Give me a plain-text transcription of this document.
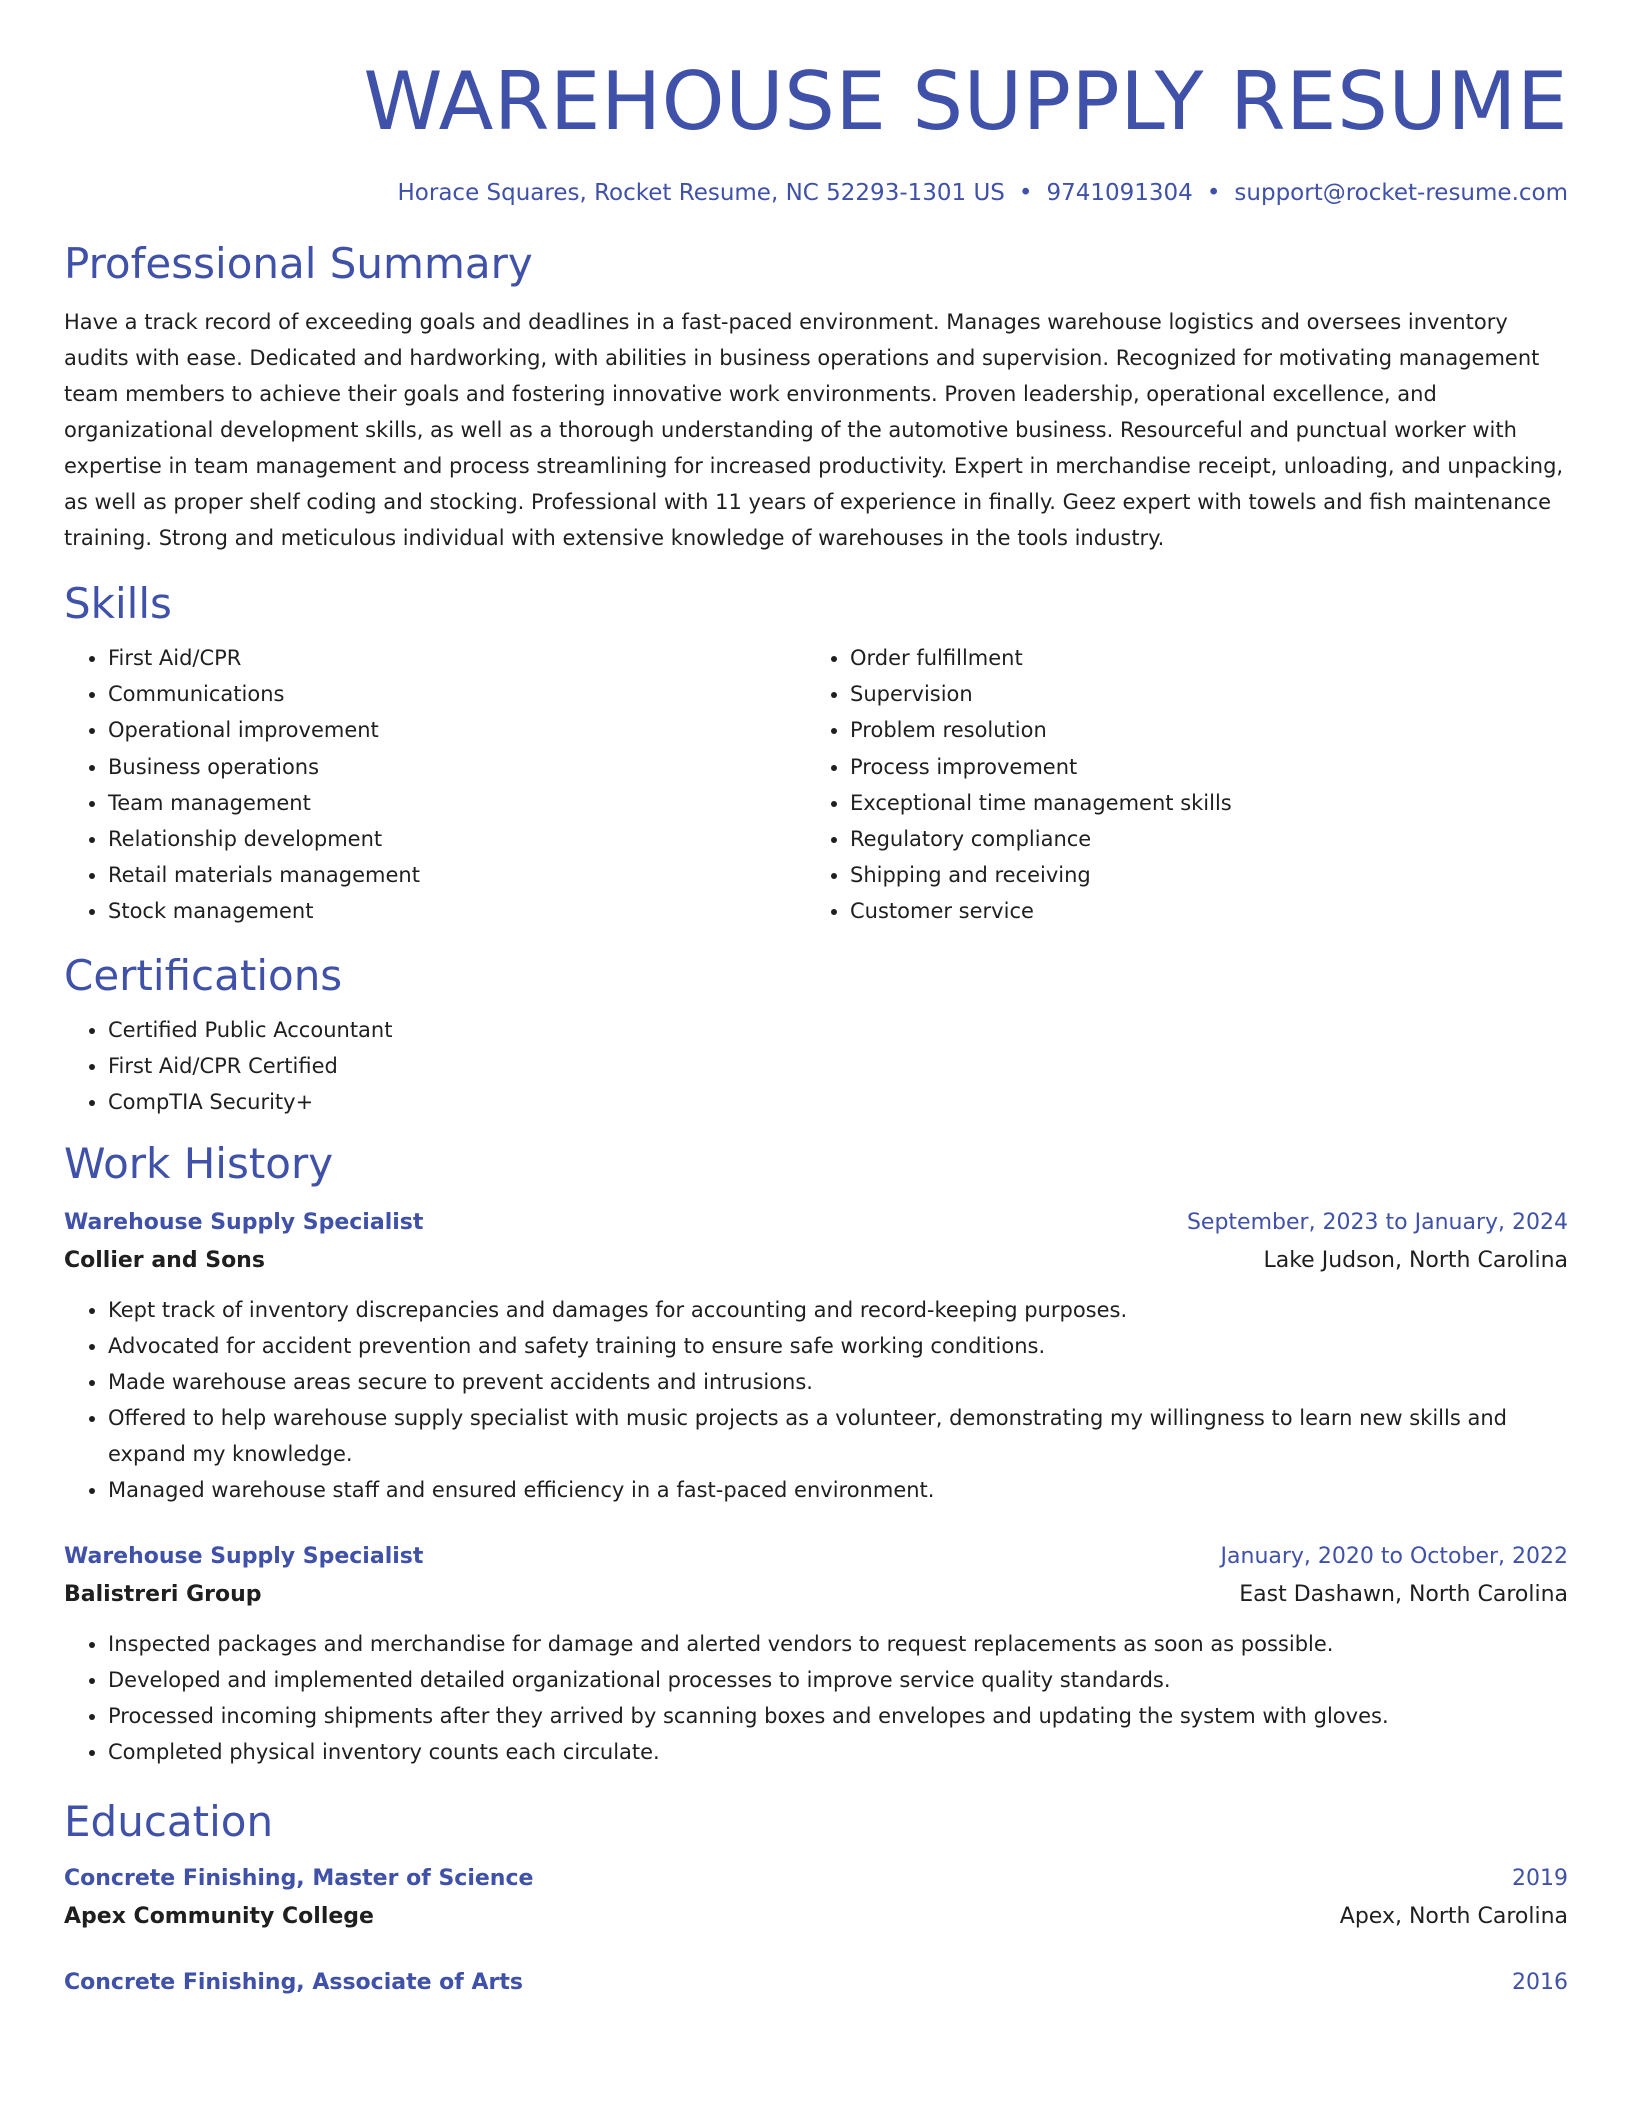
WAREHOUSE SUPPLY RESUME
Horace Squares, Rocket Resume, NC 52293-1301 US • 9741091304 • support@rocket-resume.com
Professional Summary

Have a track record of exceeding goals and deadlines in a fast-paced environment. Manages warehouse logistics and oversees inventory audits with ease. Dedicated and hardworking, with abilities in business operations and supervision. Recognized for motivating management team members to achieve their goals and fostering innovative work environments. Proven leadership, operational excellence, and organizational development skills, as well as a thorough understanding of the automotive business. Resourceful and punctual worker with expertise in team management and process streamlining for increased productivity. Expert in merchandise receipt, unloading, and unpacking, as well as proper shelf coding and stocking. Professional with 11 years of experience in finally. Geez expert with towels and fish maintenance training. Strong and meticulous individual with extensive knowledge of warehouses in the tools industry.

Skills
• First Aid/CPR
• Communications
• Operational improvement
• Business operations
• Team management
• Relationship development
• Retail materials management
• Stock management
• Order fulfillment
• Supervision
• Problem resolution
• Process improvement
• Exceptional time management skills
• Regulatory compliance
• Shipping and receiving
• Customer service
Certifications
• Certified Public Accountant
• First Aid/CPR Certified
• CompTIA Security+
Work History
Warehouse Supply Specialist	September, 2023 to January, 2024
Collier and Sons	Lake Judson, North Carolina
• Kept track of inventory discrepancies and damages for accounting and record-keeping purposes.
• Advocated for accident prevention and safety training to ensure safe working conditions.
• Made warehouse areas secure to prevent accidents and intrusions.
• Offered to help warehouse supply specialist with music projects as a volunteer, demonstrating my willingness to learn new skills and expand my knowledge.
• Managed warehouse staff and ensured efficiency in a fast-paced environment.
Warehouse Supply Specialist	January, 2020 to October, 2022
Balistreri Group	East Dashawn, North Carolina
• Inspected packages and merchandise for damage and alerted vendors to request replacements as soon as possible.
• Developed and implemented detailed organizational processes to improve service quality standards.
• Processed incoming shipments after they arrived by scanning boxes and envelopes and updating the system with gloves.
• Completed physical inventory counts each circulate.
Education
Concrete Finishing, Master of Science	2019
Apex Community College	Apex, North Carolina
Concrete Finishing, Associate of Arts	2016
